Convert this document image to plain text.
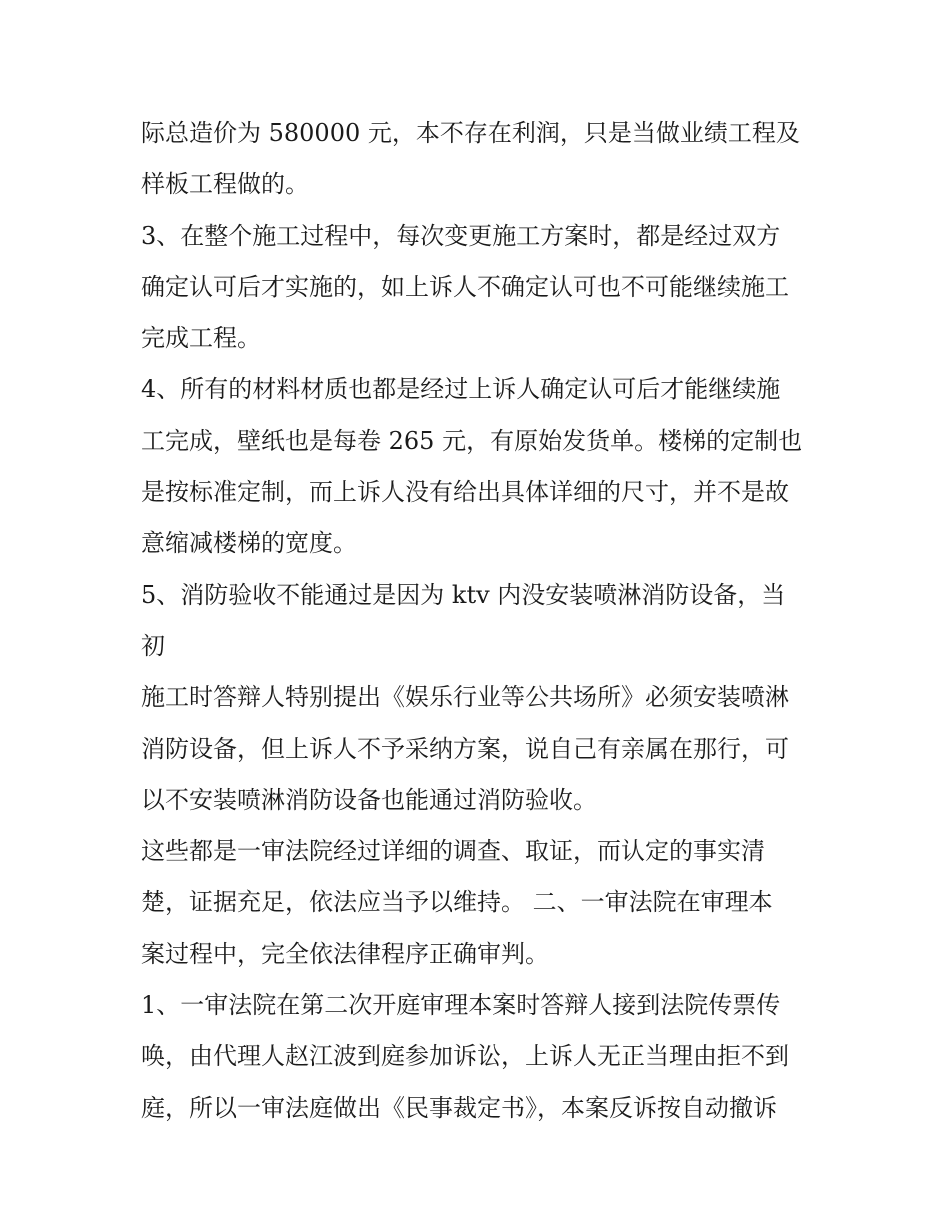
际总造价为 580000 元，本不存在利润，只是当做业绩工程及
样板工程做的。
3、在整个施工过程中，每次变更施工方案时，都是经过双方
确定认可后才实施的，如上诉人不确定认可也不可能继续施工
完成工程。
4、所有的材料材质也都是经过上诉人确定认可后才能继续施
工完成，壁纸也是每卷 265 元，有原始发货单。楼梯的定制也
是按标准定制，而上诉人没有给出具体详细的尺寸，并不是故
意缩减楼梯的宽度。
5、消防验收不能通过是因为 ktv 内没安装喷淋消防设备，当
初
施工时答辩人特别提出《娱乐行业等公共场所》必须安装喷淋
消防设备，但上诉人不予采纳方案，说自己有亲属在那行，可
以不安装喷淋消防设备也能通过消防验收。
这些都是一审法院经过详细的调查、取证，而认定的事实清
楚，证据充足，依法应当予以维持。 二、一审法院在审理本
案过程中，完全依法律程序正确审判。
1、一审法院在第二次开庭审理本案时答辩人接到法院传票传
唤，由代理人赵江波到庭参加诉讼，上诉人无正当理由拒不到
庭，所以一审法庭做出《民事裁定书》，本案反诉按自动撤诉
